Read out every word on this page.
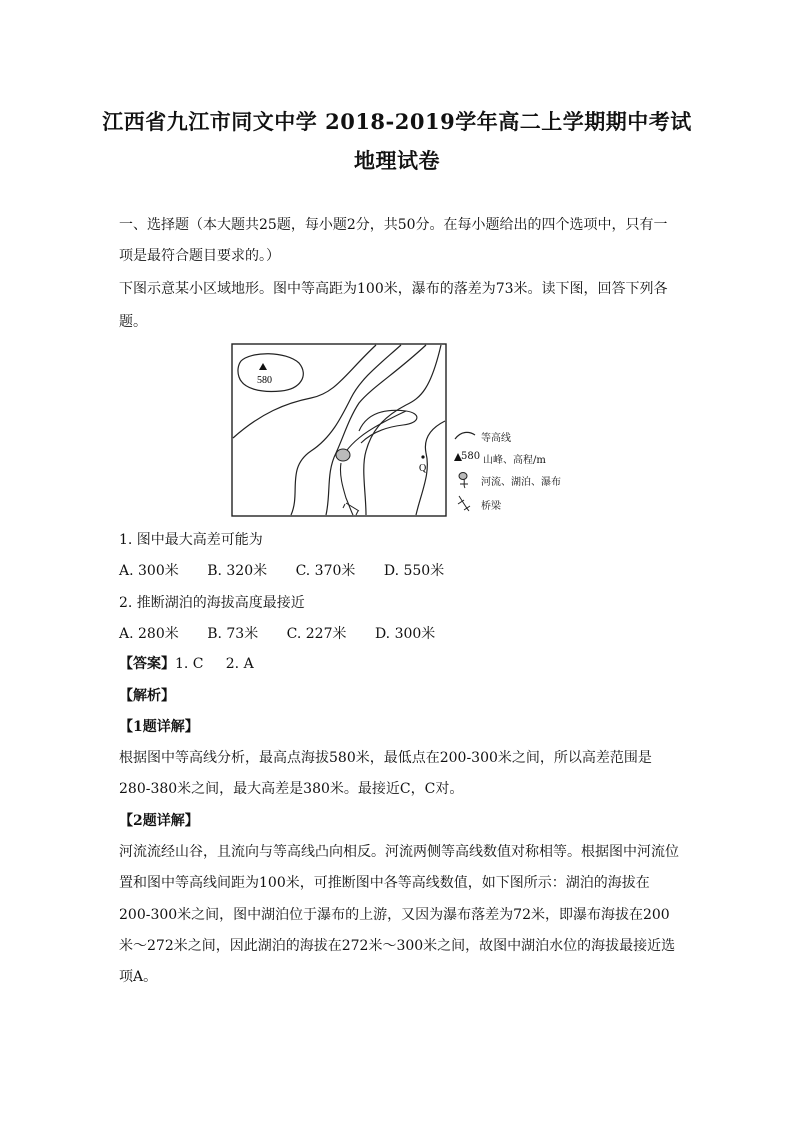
江西省九江市同文中学 2018-2019学年高二上学期期中考试
地理试卷
一、选择题（本大题共25题，每小题2分，共50分。在每小题给出的四个选项中，只有一
项是最符合题目要求的。）
下图示意某小区域地形。图中等高距为100米，瀑布的落差为73米。读下图，回答下列各
题。
580
Q
等高线
580 山峰、高程/m
河流、湖泊、瀑布
桥梁
1. 图中最大高差可能为
A. 300米 B. 320米 C. 370米 D. 550米
2. 推断湖泊的海拔高度最接近
A. 280米 B. 73米 C. 227米 D. 300米
【答案】1. C     2. A
【解析】
【1题详解】
根据图中等高线分析，最高点海拔580米，最低点在200-300米之间，所以高差范围是
280-380米之间，最大高差是380米。最接近C，C对。
【2题详解】
河流流经山谷，且流向与等高线凸向相反。河流两侧等高线数值对称相等。根据图中河流位
置和图中等高线间距为100米，可推断图中各等高线数值，如下图所示：湖泊的海拔在
200-300米之间，图中湖泊位于瀑布的上游，又因为瀑布落差为72米，即瀑布海拔在200
米～272米之间，因此湖泊的海拔在272米～300米之间，故图中湖泊水位的海拔最接近选
项A。
